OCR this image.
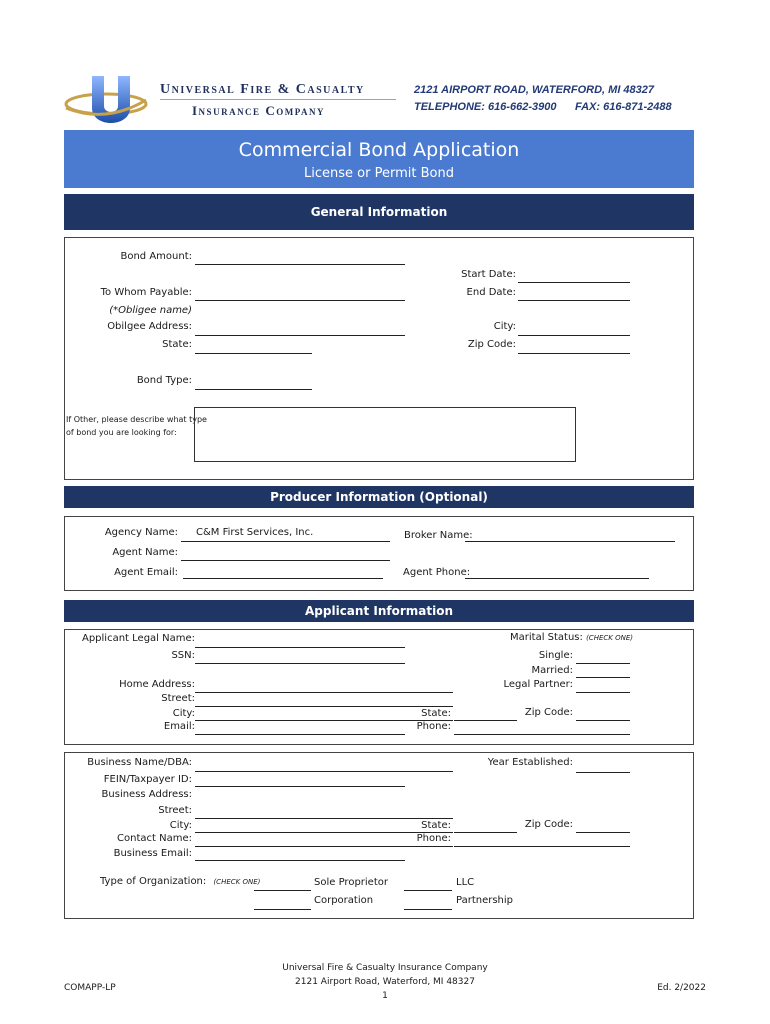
Universal Fire & Casualty
Insurance Company
2121 AIRPORT ROAD, WATERFORD, MI 48327
TELEPHONE: 616-662-3900 FAX: 616-871-2488
Commercial Bond Application
License or Permit Bond
General Information
Bond Amount:
Start Date:
To Whom Payable:	End Date:
(*Obligee name)
Obilgee Address:	City:
State:	Zip Code:
Bond Type:
If Other, please describe what type
of bond you are looking for:
Producer Information (Optional)
Agency Name: C&M First Services, Inc.	Broker Name:
Agent Name:
Agent Email:	Agent Phone:
Applicant Information
Applicant Legal Name:	Marital Status: (CHECK ONE)
SSN:	Single:
Married:
Home Address:	Legal Partner:
Street:
City:	State:	Zip Code:
Email:	Phone:
Business Name/DBA:	Year Established:
FEIN/Taxpayer ID:
Business Address:
Street:
City:	State:	Zip Code:
Contact Name:	Phone:
Business Email:
Type of Organization: (CHECK ONE)	Sole Proprietor	LLC
Corporation	Partnership
COMAPP-LP
Universal Fire & Casualty Insurance Company
2121 Airport Road, Waterford, MI 48327
1
Ed. 2/2022
